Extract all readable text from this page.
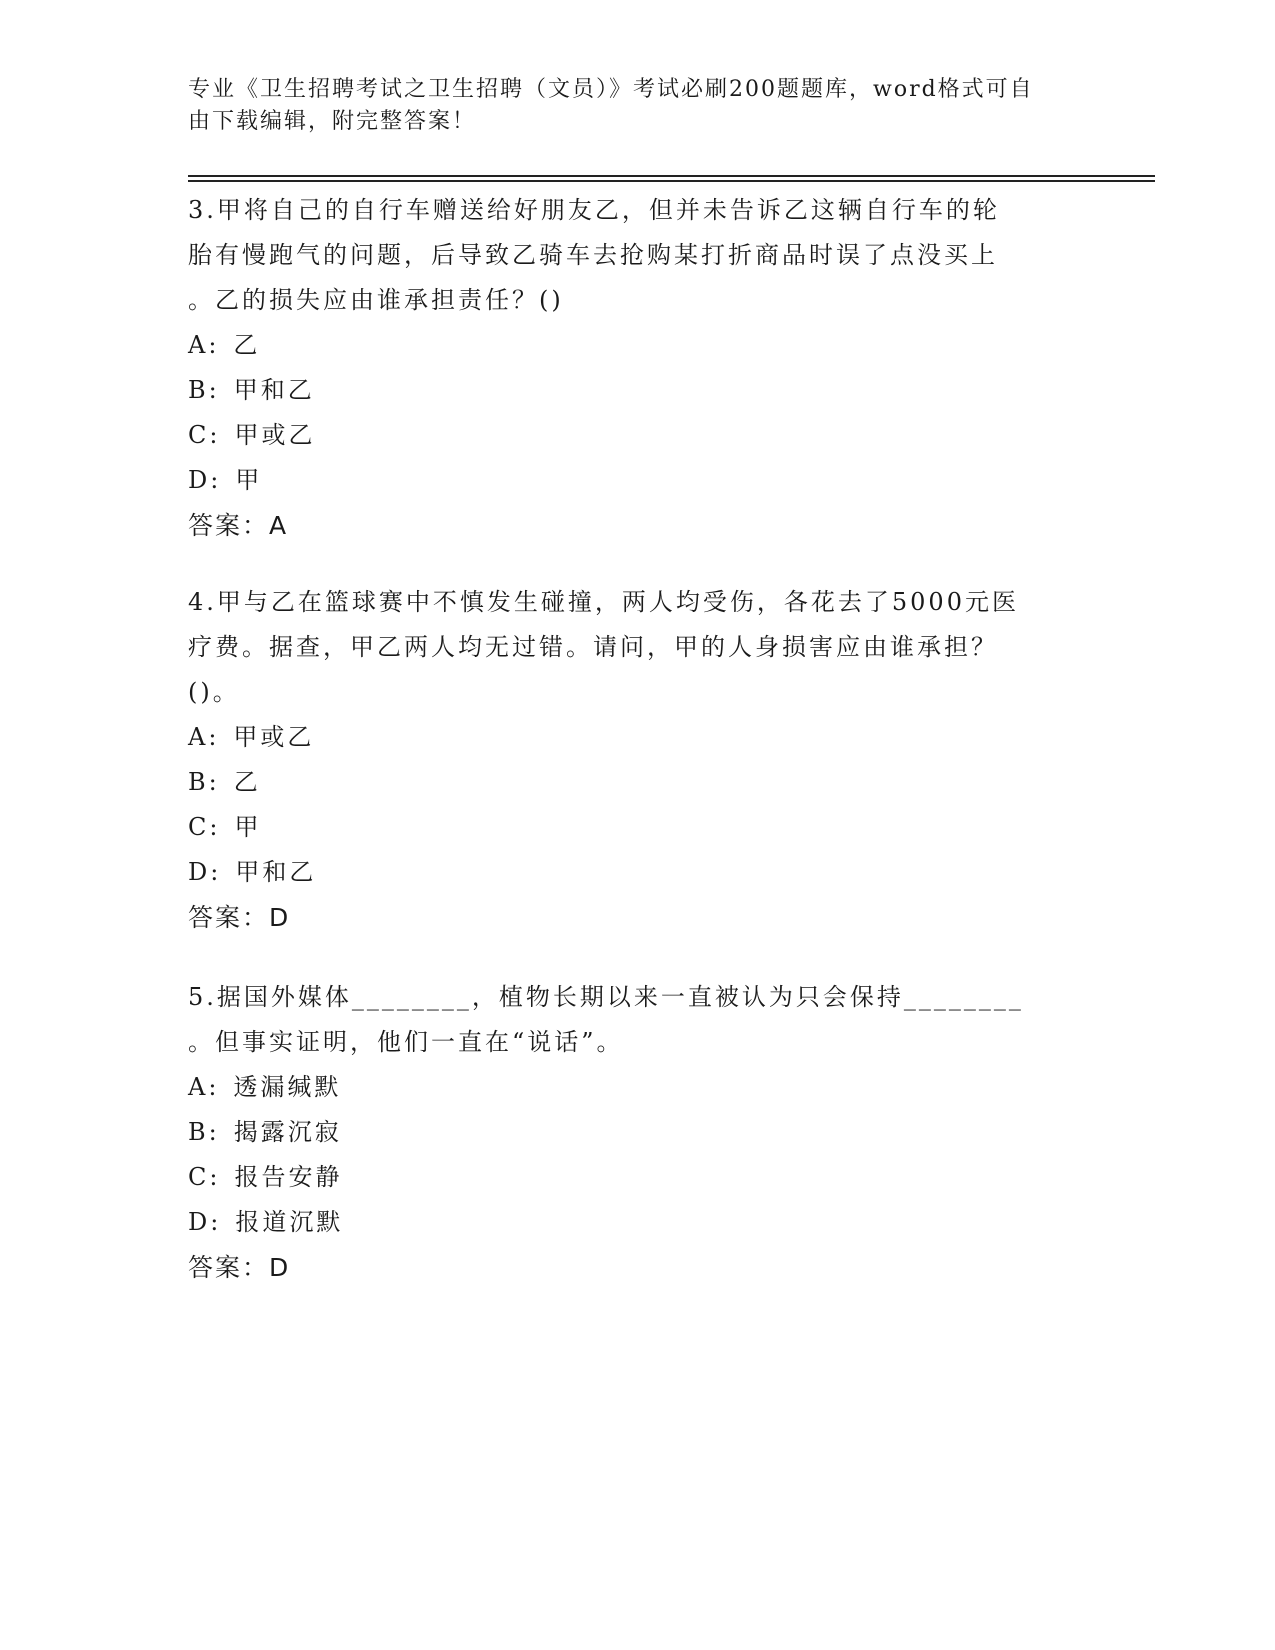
专业《卫生招聘考试之卫生招聘（文员）》考试必刷200题题库，word格式可自
由下载编辑，附完整答案！
3.甲将自己的自行车赠送给好朋友乙，但并未告诉乙这辆自行车的轮
胎有慢跑气的问题，后导致乙骑车去抢购某打折商品时误了点没买上
。乙的损失应由谁承担责任？()
A: 乙
B: 甲和乙
C: 甲或乙
D: 甲
答案：A
4.甲与乙在篮球赛中不慎发生碰撞，两人均受伤，各花去了5000元医
疗费。据查，甲乙两人均无过错。请问，甲的人身损害应由谁承担？
()。
A: 甲或乙
B: 乙
C: 甲
D: 甲和乙
答案：D
5.据国外媒体________，植物长期以来一直被认为只会保持________
。但事实证明，他们一直在“说话”。
A: 透漏缄默
B: 揭露沉寂
C: 报告安静
D: 报道沉默
答案：D
